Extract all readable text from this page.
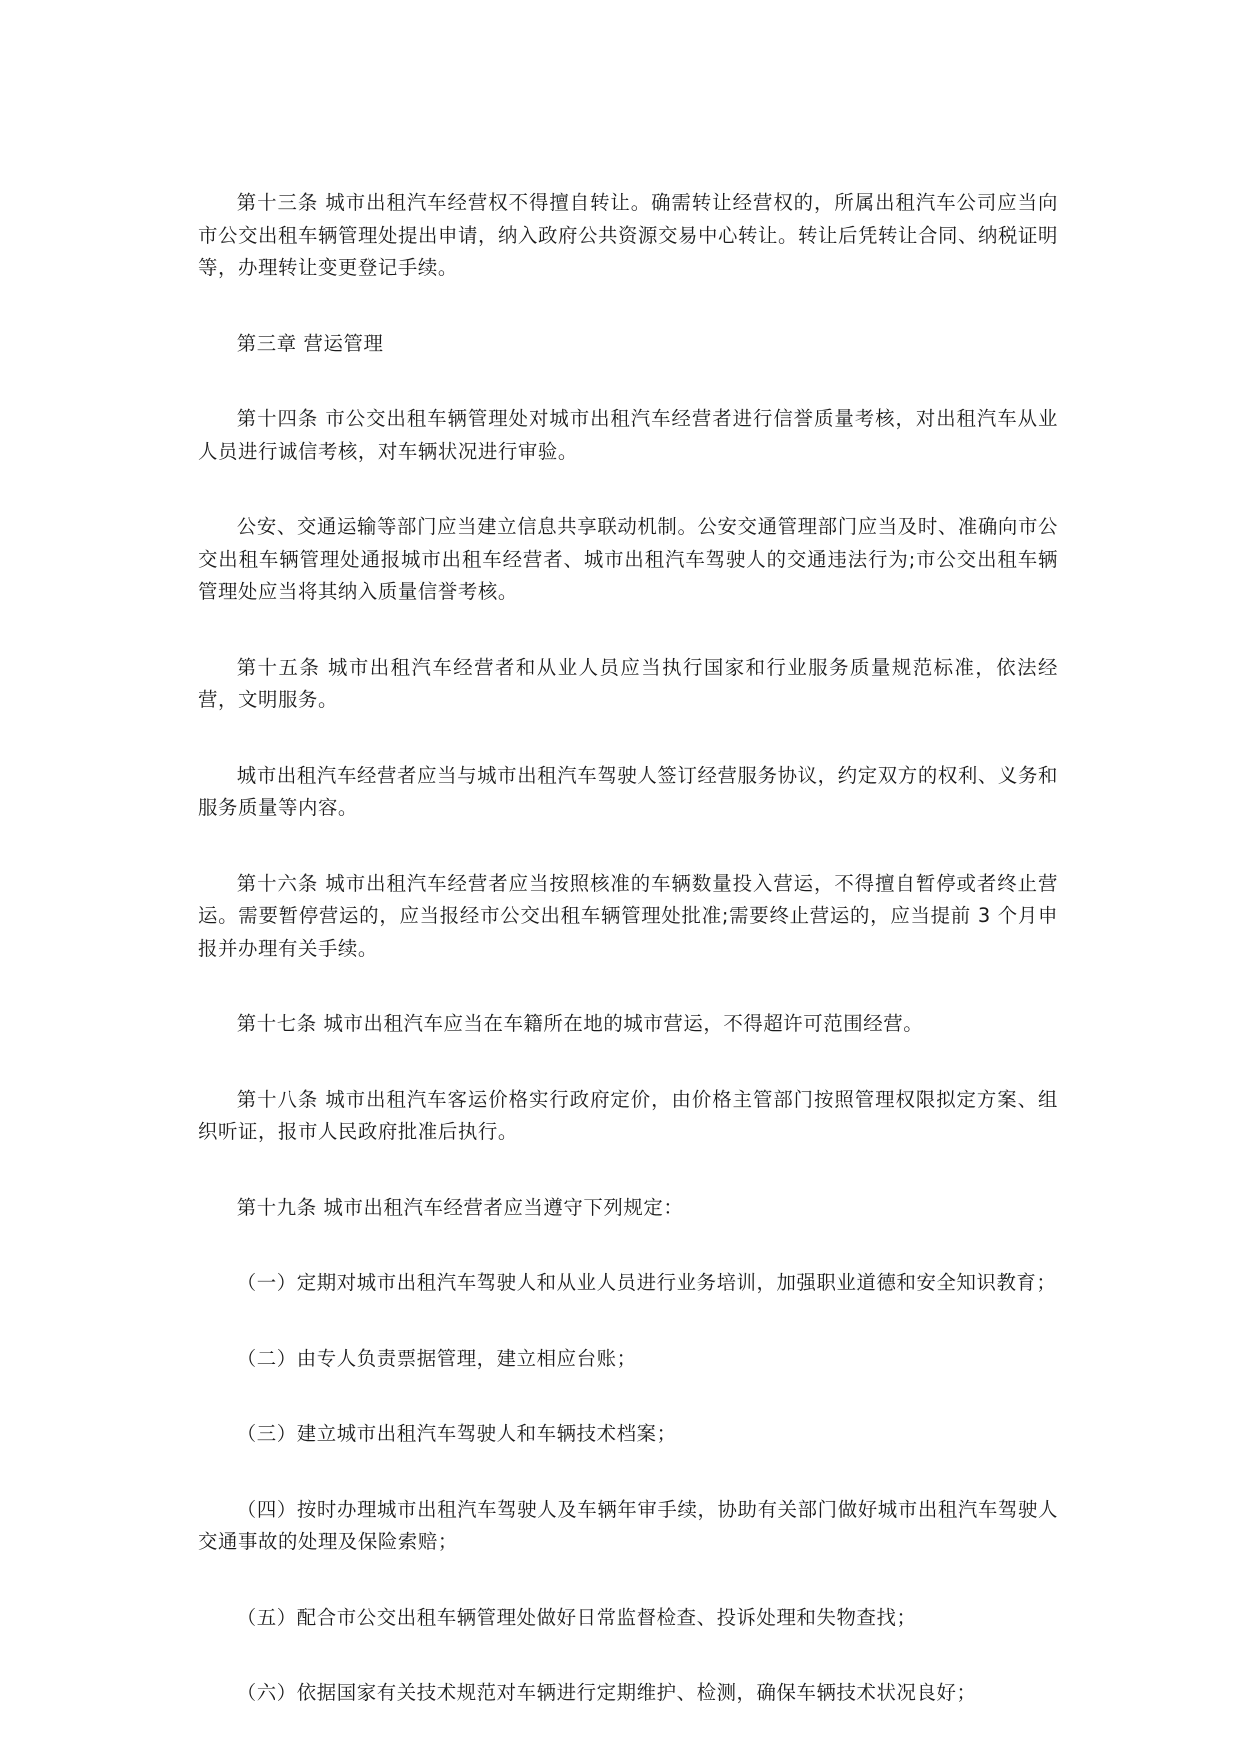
第十三条 城市出租汽车经营权不得擅自转让。确需转让经营权的，所属出租汽车公司应当向市公交出租车辆管理处提出申请，纳入政府公共资源交易中心转让。转让后凭转让合同、纳税证明等，办理转让变更登记手续。

第三章 营运管理

第十四条 市公交出租车辆管理处对城市出租汽车经营者进行信誉质量考核，对出租汽车从业人员进行诚信考核，对车辆状况进行审验。

公安、交通运输等部门应当建立信息共享联动机制。公安交通管理部门应当及时、准确向市公交出租车辆管理处通报城市出租车经营者、城市出租汽车驾驶人的交通违法行为;市公交出租车辆管理处应当将其纳入质量信誉考核。

第十五条 城市出租汽车经营者和从业人员应当执行国家和行业服务质量规范标准，依法经营，文明服务。

城市出租汽车经营者应当与城市出租汽车驾驶人签订经营服务协议，约定双方的权利、义务和服务质量等内容。

第十六条 城市出租汽车经营者应当按照核准的车辆数量投入营运，不得擅自暂停或者终止营运。需要暂停营运的，应当报经市公交出租车辆管理处批准;需要终止营运的，应当提前 3 个月申报并办理有关手续。

第十七条 城市出租汽车应当在车籍所在地的城市营运，不得超许可范围经营。

第十八条 城市出租汽车客运价格实行政府定价，由价格主管部门按照管理权限拟定方案、组织听证，报市人民政府批准后执行。

第十九条 城市出租汽车经营者应当遵守下列规定：

（一）定期对城市出租汽车驾驶人和从业人员进行业务培训，加强职业道德和安全知识教育；

（二）由专人负责票据管理，建立相应台账；

（三）建立城市出租汽车驾驶人和车辆技术档案；

（四）按时办理城市出租汽车驾驶人及车辆年审手续，协助有关部门做好城市出租汽车驾驶人交通事故的处理及保险索赔；

（五）配合市公交出租车辆管理处做好日常监督检查、投诉处理和失物查找；

（六）依据国家有关技术规范对车辆进行定期维护、检测，确保车辆技术状况良好；
